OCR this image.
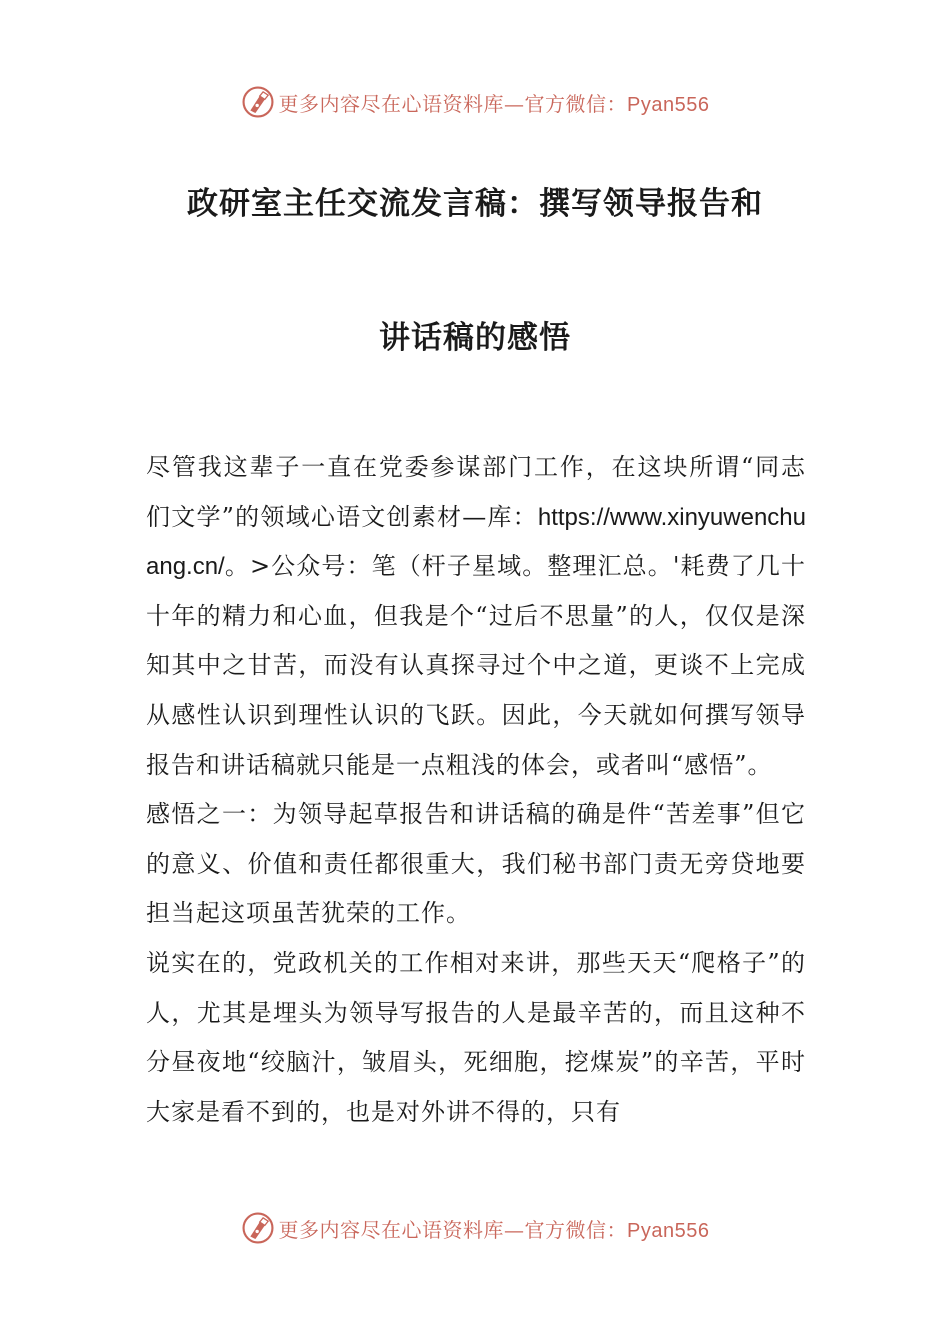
更多内容尽在心语资料库—官方微信：Pyan556
政研室主任交流发言稿：撰写领导报告和
讲话稿的感悟

尽管我这辈子一直在党委参谋部门工作，在这块所谓“同志们文学”的领域心语文创素材—库：https://www.xinyuwenchuang.cn/。>公众号：笔（杆子星域。整理汇总。'耗费了几十十年的精力和心血，但我是个“过后不思量”的人，仅仅是深知其中之甘苦，而没有认真探寻过个中之道，更谈不上完成从感性认识到理性认识的飞跃。因此，今天就如何撰写领导报告和讲话稿就只能是一点粗浅的体会，或者叫“感悟”。

感悟之一：为领导起草报告和讲话稿的确是件“苦差事”但它的意义、价值和责任都很重大，我们秘书部门责无旁贷地要担当起这项虽苦犹荣的工作。

说实在的，党政机关的工作相对来讲，那些天天“爬格子”的人，尤其是埋头为领导写报告的人是最辛苦的，而且这种不分昼夜地“绞脑汁，皱眉头，死细胞，挖煤炭”的辛苦，平时大家是看不到的，也是对外讲不得的，只有

更多内容尽在心语资料库—官方微信：Pyan556
